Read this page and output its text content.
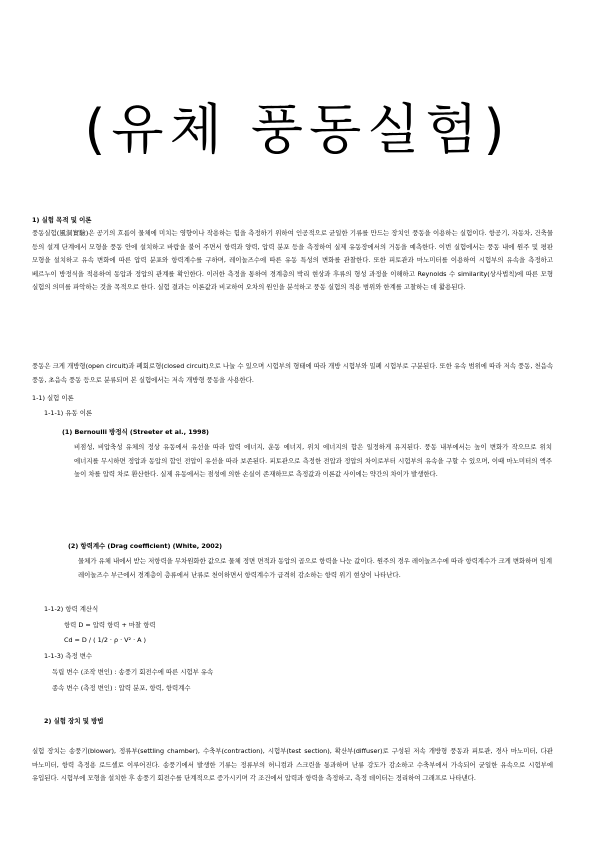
(유체 풍동실험)
1) 실험 목적 및 이론
풍동실험(風洞實驗)은 공기의 흐름이 물체에 미치는 영향이나 작용하는 힘을 측정하기 위하여 인공적으로 균일한 기류를 만드는 장치인 풍동을 이용하는 실험이다. 항공기, 자동차, 건축물 등의 설계 단계에서 모형을 풍동 안에 설치하고 바람을 불어 주면서 항력과 양력, 압력 분포 등을 측정하여 실제 유동장에서의 거동을 예측한다. 이번 실험에서는 풍동 내에 원주 및 평판 모형을 설치하고 유속 변화에 따른 압력 분포와 항력계수를 구하며, 레이놀즈수에 따른 유동 특성의 변화를 관찰한다. 또한 피토관과 마노미터를 이용하여 시험부의 유속을 측정하고 베르누이 방정식을 적용하여 동압과 정압의 관계를 확인한다. 이러한 측정을 통하여 경계층의 박리 현상과 후류의 형성 과정을 이해하고 Reynolds 수 similarity(상사법칙)에 따른 모형 실험의 의미를 파악하는 것을 목적으로 한다. 실험 결과는 이론값과 비교하여 오차의 원인을 분석하고 풍동 실험의 적용 범위와 한계를 고찰하는 데 활용된다.
풍동은 크게 개방형(open circuit)과 폐회로형(closed circuit)으로 나눌 수 있으며 시험부의 형태에 따라 개방 시험부와 밀폐 시험부로 구분된다. 또한 유속 범위에 따라 저속 풍동, 천음속 풍동, 초음속 풍동 등으로 분류되며 본 실험에서는 저속 개방형 풍동을 사용한다.
1-1) 실험 이론
1-1-1) 유동 이론
(1) Bernoulli 방정식 (Streeter et al., 1998)
비점성, 비압축성 유체의 정상 유동에서 유선을 따라 압력 에너지, 운동 에너지, 위치 에너지의 합은 일정하게 유지된다. 풍동 내부에서는 높이 변화가 작으므로 위치 에너지를 무시하면 정압과 동압의 합인 전압이 유선을 따라 보존된다. 피토관으로 측정한 전압과 정압의 차이로부터 시험부의 유속을 구할 수 있으며, 이때 마노미터의 액주 높이 차를 압력 차로 환산한다. 실제 유동에서는 점성에 의한 손실이 존재하므로 측정값과 이론값 사이에는 약간의 차이가 발생한다.
(2) 항력계수 (Drag coefficient) (White, 2002)
물체가 유체 내에서 받는 저항력을 무차원화한 값으로 물체 정면 면적과 동압의 곱으로 항력을 나눈 값이다. 원주의 경우 레이놀즈수에 따라 항력계수가 크게 변화하며 임계 레이놀즈수 부근에서 경계층이 층류에서 난류로 천이하면서 항력계수가 급격히 감소하는 항력 위기 현상이 나타난다.
1-1-2) 항력 계산식
항력 D = 압력 항력 + 마찰 항력
Cd = D / ( 1/2 · ρ · V² · A )
1-1-3) 측정 변수
독립 변수 (조작 변인) : 송풍기 회전수에 따른 시험부 유속
종속 변수 (측정 변인) : 압력 분포, 항력, 항력계수
2) 실험 장치 및 방법
실험 장치는 송풍기(blower), 정류부(settling chamber), 수축부(contraction), 시험부(test section), 확산부(diffuser)로 구성된 저속 개방형 풍동과 피토관, 경사 마노미터, 다관 마노미터, 항력 측정용 로드셀로 이루어진다. 송풍기에서 발생한 기류는 정류부의 허니컴과 스크린을 통과하며 난류 강도가 감소하고 수축부에서 가속되어 균일한 유속으로 시험부에 유입된다. 시험부에 모형을 설치한 후 송풍기 회전수를 단계적으로 증가시키며 각 조건에서 압력과 항력을 측정하고, 측정 데이터는 정리하여 그래프로 나타낸다.
